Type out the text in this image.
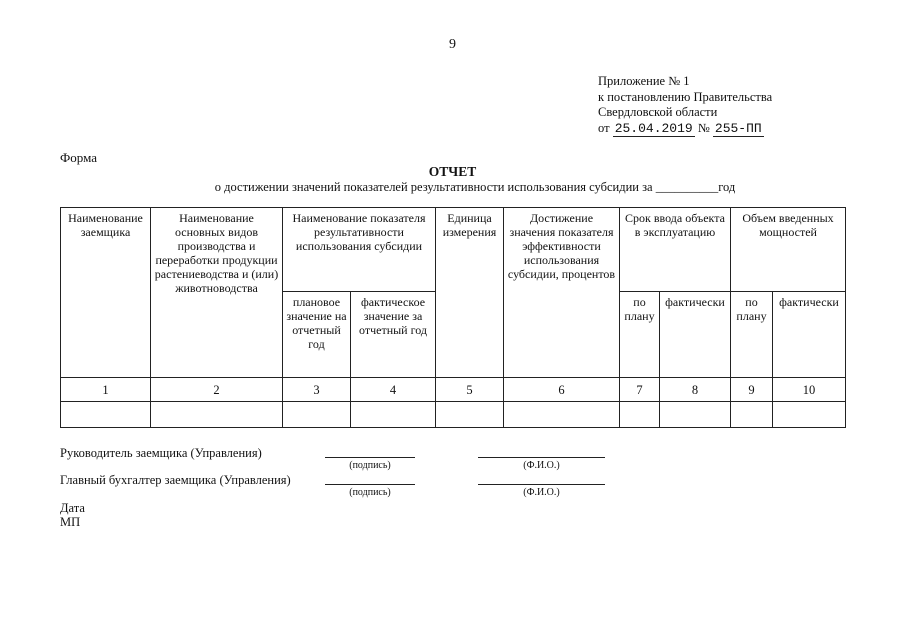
9
Приложение № 1
к постановлению Правительства
Свердловской области
от 25.04.2019 № 255-ПП
Форма
ОТЧЕТ
о достижении значений показателей результативности использования субсидии за __________год
Наименование заемщика	Наименование основных видов производства и переработки продукции растениеводства и (или) животноводства	Наименование показателя результативности использования субсидии		Единица измерения	Достижение значения показателя эффективности использования субсидии, процентов	Срок ввода объекта в эксплуатацию		Объем введенных мощностей	
		плановое значение на отчетный год	фактическое значение за отчетный год			по плану	фактически	по плану	фактически
1	2	3	4	5	6	7	8	9	10

Руководитель заемщика (Управления)
(подпись)	(Ф.И.О.)
Главный бухгалтер заемщика (Управления)
(подпись)	(Ф.И.О.)
Дата
МП
